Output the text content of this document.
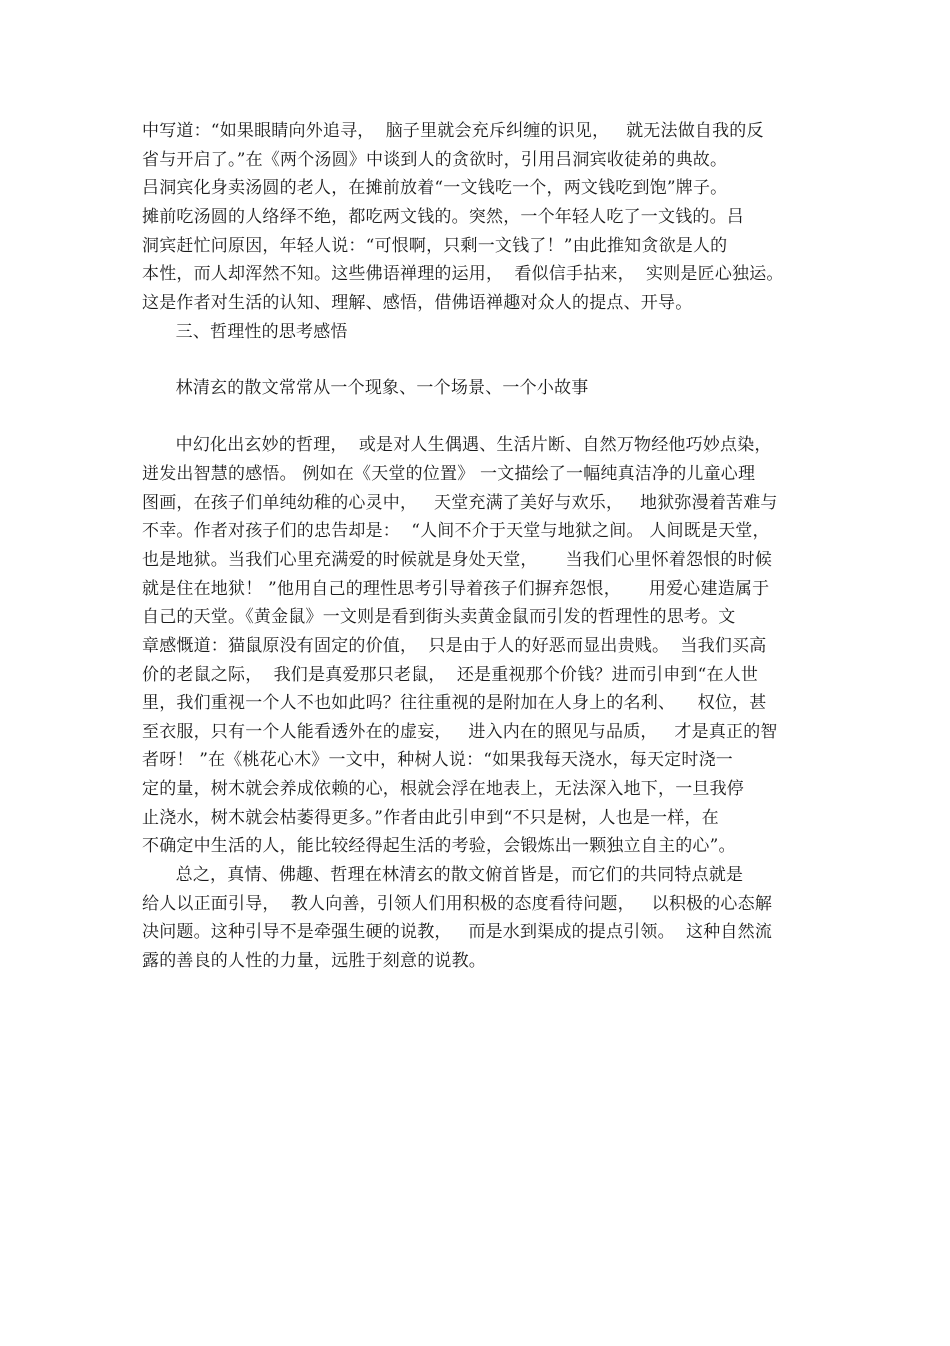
中写道：“如果眼睛向外追寻，  脑子里就会充斥纠缠的识见，   就无法做自我的反
省与开启了。”在《两个汤圆》中谈到人的贪欲时，引用吕洞宾收徒弟的典故。
吕洞宾化身卖汤圆的老人，在摊前放着“一文钱吃一个，两文钱吃到饱”牌子。
摊前吃汤圆的人络绎不绝，都吃两文钱的。突然，一个年轻人吃了一文钱的。吕
洞宾赶忙问原因，年轻人说：“可恨啊，只剩一文钱了！”由此推知贪欲是人的
本性，而人却浑然不知。这些佛语禅理的运用，  看似信手拈来，  实则是匠心独运。
这是作者对生活的认知、理解、感悟，借佛语禅趣对众人的提点、开导。
三、哲理性的思考感悟
林清玄的散文常常从一个现象、一个场景、一个小故事
中幻化出玄妙的哲理，  或是对人生偶遇、生活片断、自然万物经他巧妙点染，
迸发出智慧的感悟。 例如在《天堂的位置》 一文描绘了一幅纯真洁净的儿童心理
图画，在孩子们单纯幼稚的心灵中，   天堂充满了美好与欢乐，   地狱弥漫着苦难与
不幸。作者对孩子们的忠告却是：  “人间不介于天堂与地狱之间。 人间既是天堂，
也是地狱。当我们心里充满爱的时候就是身处天堂，     当我们心里怀着怨恨的时候
就是住在地狱！ ”他用自己的理性思考引导着孩子们摒弃怨恨，     用爱心建造属于
自己的天堂。《黄金鼠》一文则是看到街头卖黄金鼠而引发的哲理性的思考。文
章感慨道：猫鼠原没有固定的价值，  只是由于人的好恶而显出贵贱。  当我们买高
价的老鼠之际，  我们是真爱那只老鼠，  还是重视那个价钱？进而引申到“在人世
里，我们重视一个人不也如此吗？往往重视的是附加在人身上的名利、    权位，甚
至衣服，只有一个人能看透外在的虚妄，   进入内在的照见与品质，   才是真正的智
者呀！ ”在《桃花心木》一文中，种树人说：“如果我每天浇水，每天定时浇一
定的量，树木就会养成依赖的心，根就会浮在地表上，无法深入地下，一旦我停
止浇水，树木就会枯萎得更多。”作者由此引申到“不只是树，人也是一样，在
不确定中生活的人，能比较经得起生活的考验，会锻炼出一颗独立自主的心”。
总之，真情、佛趣、哲理在林清玄的散文俯首皆是，而它们的共同特点就是
给人以正面引导，  教人向善，引领人们用积极的态度看待问题，   以积极的心态解
决问题。这种引导不是牵强生硬的说教，   而是水到渠成的提点引领。  这种自然流
露的善良的人性的力量，远胜于刻意的说教。
